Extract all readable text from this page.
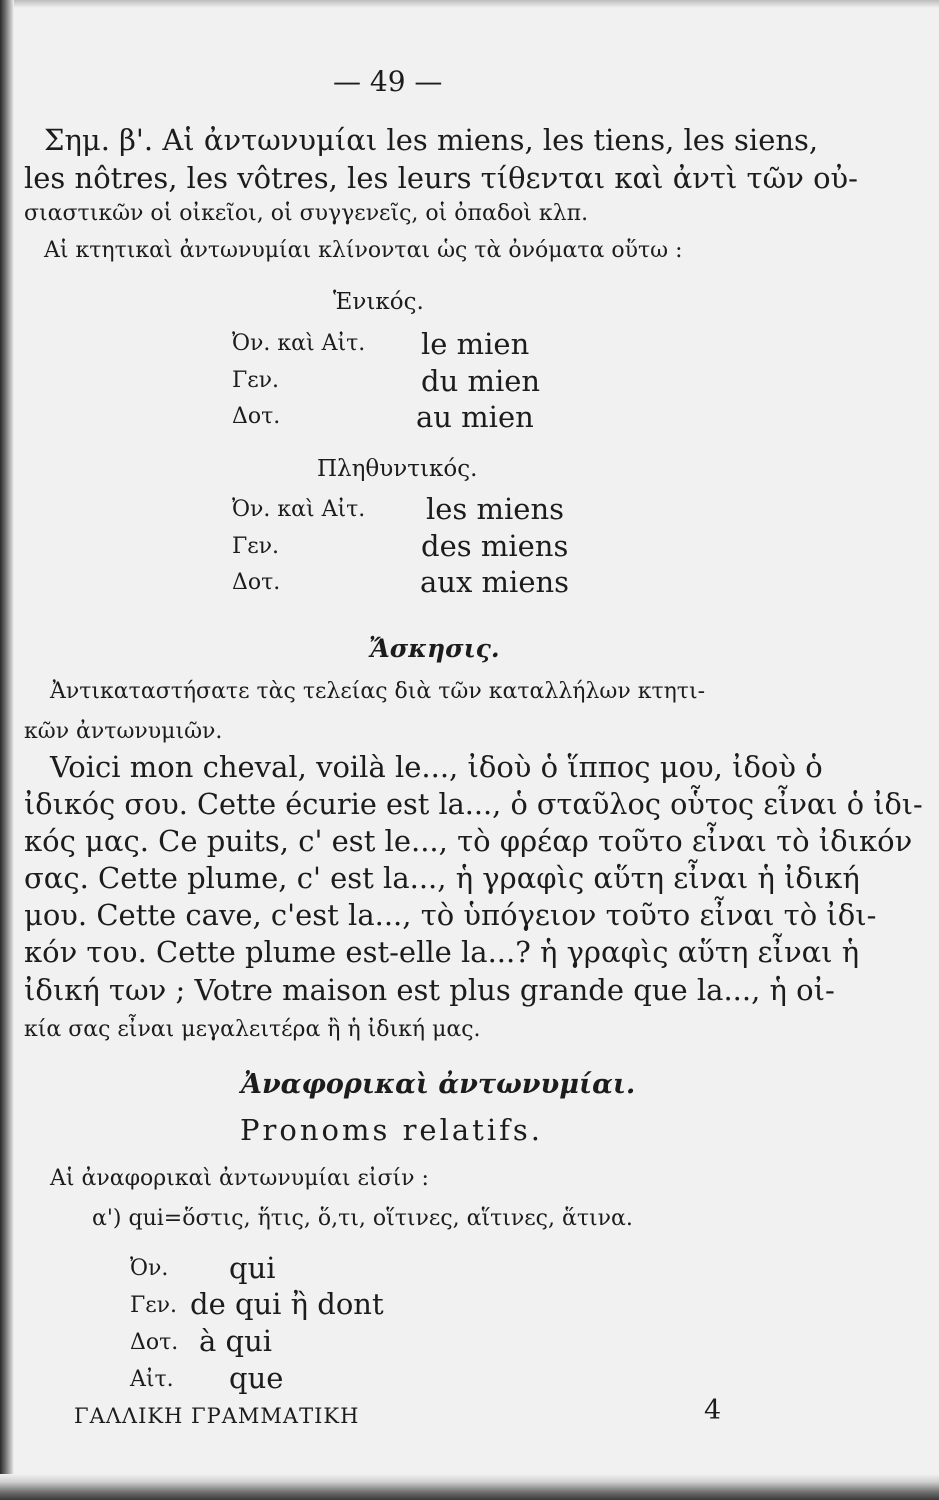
— 49 —
Σημ. β'. Αἱ ἀντωνυμίαι les miens, les tiens, les siens,
les nôtres, les vôtres, les leurs τίθενται καὶ ἀντὶ τῶν οὐ-
σιαστικῶν οἱ οἰκεῖοι, οἱ συγγενεῖς, οἱ ὀπαδοὶ κλπ.
Αἱ κτητικαὶ ἀντωνυμίαι κλίνονται ὡς τὰ ὀνόματα οὕτω :
Ἑνικός.
Ὀν. καὶ Αἰτ. le mien
Γεν.	du mien
Δοτ.	au mien
Πληθυντικός.
Ὀν. καὶ Αἰτ. les miens
Γεν.	des miens
Δοτ.	aux miens
Ἄσκησις.
Ἀντικαταστήσατε τὰς τελείας διὰ τῶν καταλλήλων κτητι-
κῶν ἀντωνυμιῶν.
Voici mon cheval, voilà le..., ἰδοὺ ὁ ἵππος μου, ἰδοὺ ὁ
ἰδικός σου. Cette écurie est la..., ὁ σταῦλος οὗτος εἶναι ὁ ἰδι-
κός μας. Ce puits, c' est le..., τὸ φρέαρ τοῦτο εἶναι τὸ ἰδικόν
σας. Cette plume, c' est la..., ἡ γραφὶς αὕτη εἶναι ἡ ἰδική
μου. Cette cave, c'est la..., τὸ ὑπόγειον τοῦτο εἶναι τὸ ἰδι-
κόν του. Cette plume est-elle la...? ἡ γραφὶς αὕτη εἶναι ἡ
ἰδική των ; Votre maison est plus grande que la..., ἡ οἰ-
κία σας εἶναι μεγαλειτέρα ἢ ἡ ἰδική μας.
Ἀναφορικαὶ ἀντωνυμίαι.
Pronoms relatifs.
Αἱ ἀναφορικαὶ ἀντωνυμίαι εἰσίν :
α') qui=ὅστις, ἥτις, ὅ,τι, οἵτινες, αἵτινες, ἅτινα.
Ὀν. qui
Γεν. de qui ἢ dont
Δοτ. à qui
Αἰτ. que
ΓΑΛΛΙΚΗ ΓΡΑΜΜΑΤΙΚΗ	4
